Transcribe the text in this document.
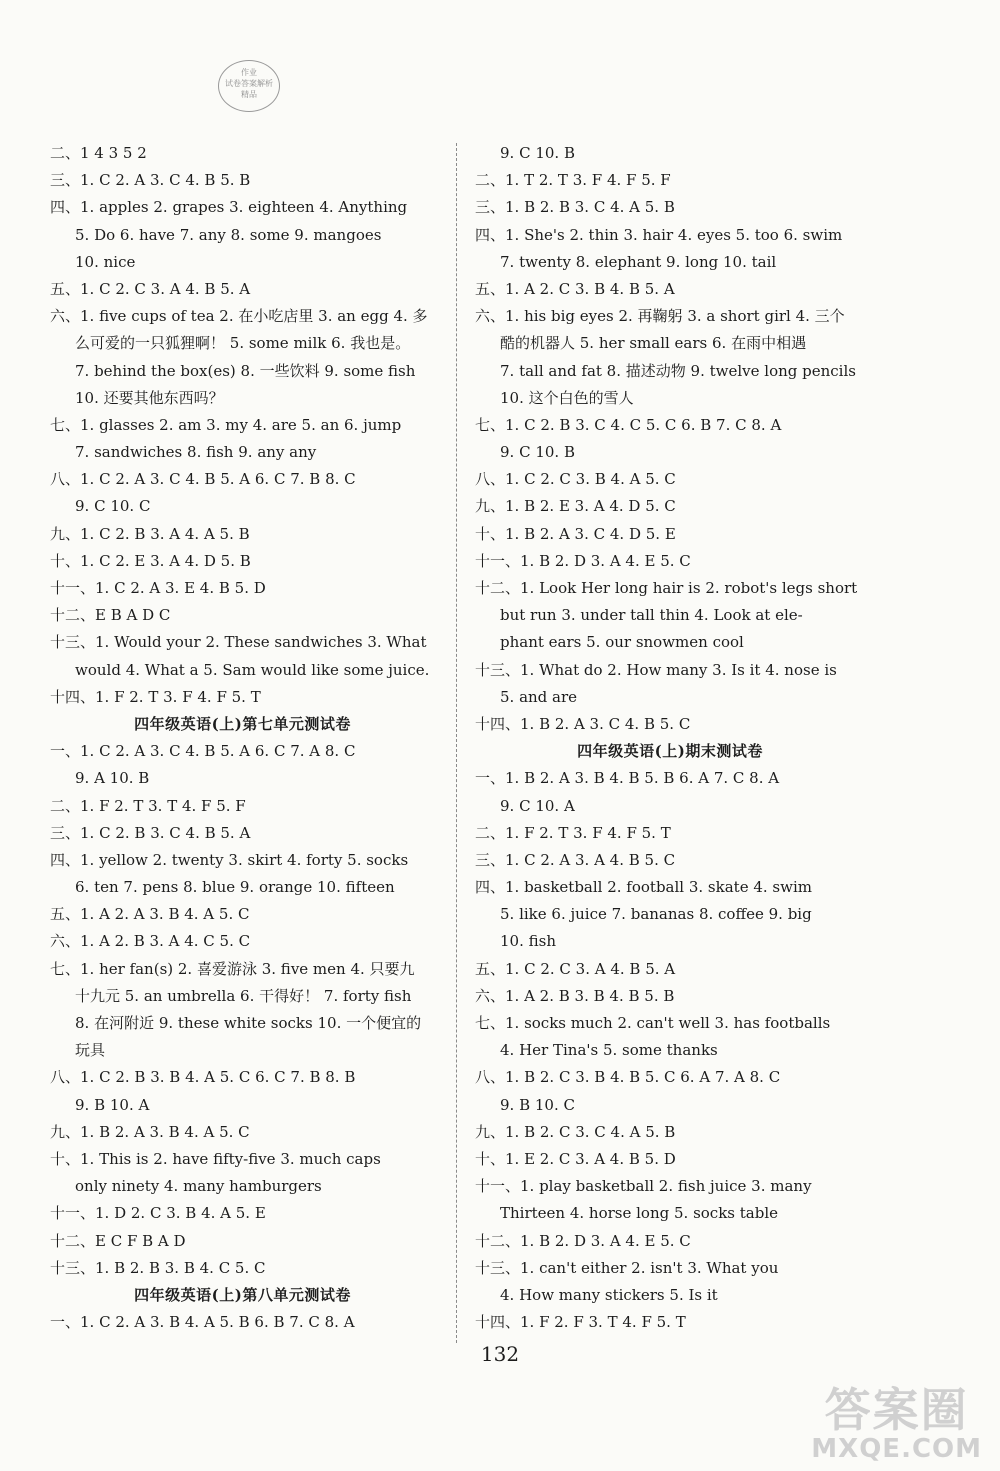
作业
试卷答案解析
精品
二、1 4 3 5 2
三、1. C 2. A 3. C 4. B 5. B
四、1. apples 2. grapes 3. eighteen 4. Anything
5. Do 6. have 7. any 8. some 9. mangoes
10. nice
五、1. C 2. C 3. A 4. B 5. A
六、1. five cups of tea 2. 在小吃店里 3. an egg 4. 多
么可爱的一只狐狸啊！ 5. some milk 6. 我也是。
7. behind the box(es) 8. 一些饮料 9. some fish
10. 还要其他东西吗？
七、1. glasses 2. am 3. my 4. are 5. an 6. jump
7. sandwiches 8. fish 9. any any
八、1. C 2. A 3. C 4. B 5. A 6. C 7. B 8. C
9. C 10. C
九、1. C 2. B 3. A 4. A 5. B
十、1. C 2. E 3. A 4. D 5. B
十一、1. C 2. A 3. E 4. B 5. D
十二、E B A D C
十三、1. Would your 2. These sandwiches 3. What
would 4. What a 5. Sam would like some juice.
十四、1. F 2. T 3. F 4. F 5. T
四年级英语(上)第七单元测试卷
一、1. C 2. A 3. C 4. B 5. A 6. C 7. A 8. C
9. A 10. B
二、1. F 2. T 3. T 4. F 5. F
三、1. C 2. B 3. C 4. B 5. A
四、1. yellow 2. twenty 3. skirt 4. forty 5. socks
6. ten 7. pens 8. blue 9. orange 10. fifteen
五、1. A 2. A 3. B 4. A 5. C
六、1. A 2. B 3. A 4. C 5. C
七、1. her fan(s) 2. 喜爱游泳 3. five men 4. 只要九
十九元 5. an umbrella 6. 干得好！ 7. forty fish
8. 在河附近 9. these white socks 10. 一个便宜的
玩具
八、1. C 2. B 3. B 4. A 5. C 6. C 7. B 8. B
9. B 10. A
九、1. B 2. A 3. B 4. A 5. C
十、1. This is 2. have fifty-five 3. much caps
only ninety 4. many hamburgers
十一、1. D 2. C 3. B 4. A 5. E
十二、E C F B A D
十三、1. B 2. B 3. B 4. C 5. C
四年级英语(上)第八单元测试卷
一、1. C 2. A 3. B 4. A 5. B 6. B 7. C 8. A
9. C 10. B
二、1. T 2. T 3. F 4. F 5. F
三、1. B 2. B 3. C 4. A 5. B
四、1. She's 2. thin 3. hair 4. eyes 5. too 6. swim
7. twenty 8. elephant 9. long 10. tail
五、1. A 2. C 3. B 4. B 5. A
六、1. his big eyes 2. 再鞠躬 3. a short girl 4. 三个
酷的机器人 5. her small ears 6. 在雨中相遇
7. tall and fat 8. 描述动物 9. twelve long pencils
10. 这个白色的雪人
七、1. C 2. B 3. C 4. C 5. C 6. B 7. C 8. A
9. C 10. B
八、1. C 2. C 3. B 4. A 5. C
九、1. B 2. E 3. A 4. D 5. C
十、1. B 2. A 3. C 4. D 5. E
十一、1. B 2. D 3. A 4. E 5. C
十二、1. Look Her long hair is 2. robot's legs short
but run 3. under tall thin 4. Look at ele-
phant ears 5. our snowmen cool
十三、1. What do 2. How many 3. Is it 4. nose is
5. and are
十四、1. B 2. A 3. C 4. B 5. C
四年级英语(上)期末测试卷
一、1. B 2. A 3. B 4. B 5. B 6. A 7. C 8. A
9. C 10. A
二、1. F 2. T 3. F 4. F 5. T
三、1. C 2. A 3. A 4. B 5. C
四、1. basketball 2. football 3. skate 4. swim
5. like 6. juice 7. bananas 8. coffee 9. big
10. fish
五、1. C 2. C 3. A 4. B 5. A
六、1. A 2. B 3. B 4. B 5. B
七、1. socks much 2. can't well 3. has footballs
4. Her Tina's 5. some thanks
八、1. B 2. C 3. B 4. B 5. C 6. A 7. A 8. C
9. B 10. C
九、1. B 2. C 3. C 4. A 5. B
十、1. E 2. C 3. A 4. B 5. D
十一、1. play basketball 2. fish juice 3. many
Thirteen 4. horse long 5. socks table
十二、1. B 2. D 3. A 4. E 5. C
十三、1. can't either 2. isn't 3. What you
4. How many stickers 5. Is it
十四、1. F 2. F 3. T 4. F 5. T
132
答案圈
MXQE.COM
